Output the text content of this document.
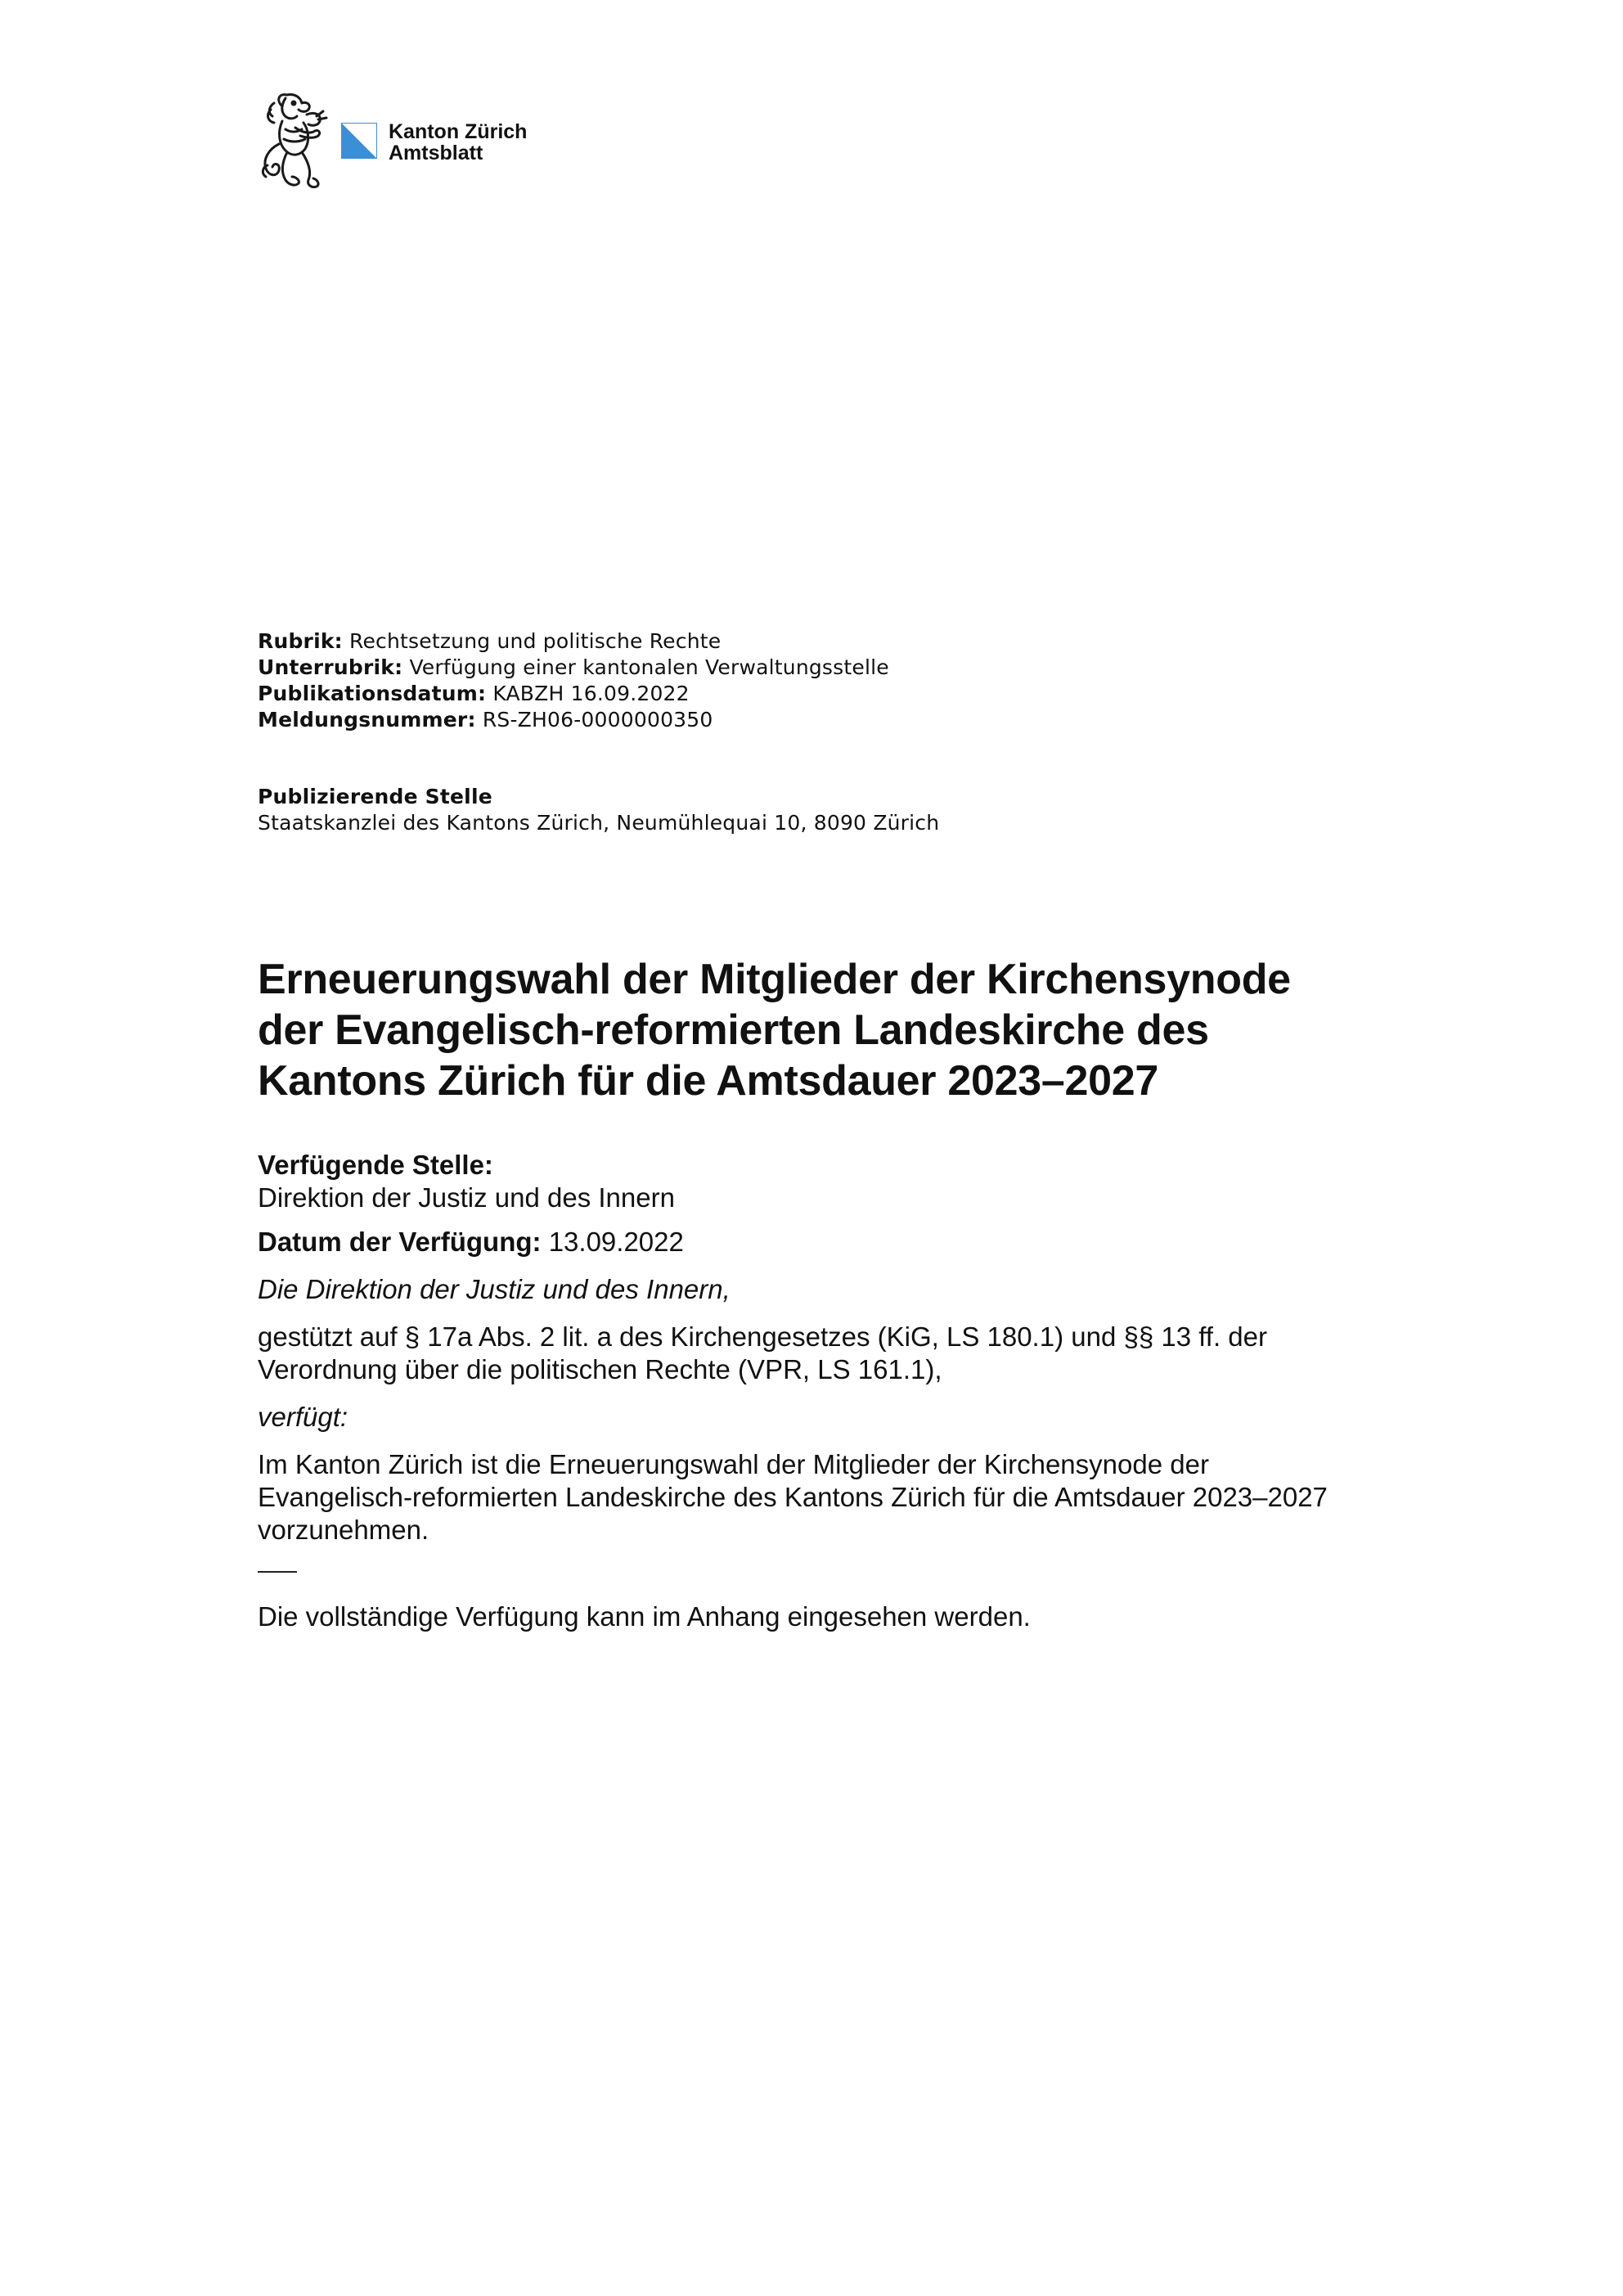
Kanton Zürich
Amtsblatt
Rubrik: Rechtsetzung und politische Rechte
Unterrubrik: Verfügung einer kantonalen Verwaltungsstelle
Publikationsdatum: KABZH 16.09.2022
Meldungsnummer: RS-ZH06-0000000350
Publizierende Stelle
Staatskanzlei des Kantons Zürich, Neumühlequai 10, 8090 Zürich
Erneuerungswahl der Mitglieder der Kirchensynode
der Evangelisch-reformierten Landeskirche des
Kantons Zürich für die Amtsdauer 2023–2027

Verfügende Stelle:

Direktion der Justiz und des Innern

Datum der Verfügung: 13.09.2022

Die Direktion der Justiz und des Innern,

gestützt auf § 17a Abs. 2 lit. a des Kirchengesetzes (KiG, LS 180.1) und §§ 13 ff. der

Verordnung über die politischen Rechte (VPR, LS 161.1),

verfügt:

Im Kanton Zürich ist die Erneuerungswahl der Mitglieder der Kirchensynode der

Evangelisch-reformierten Landeskirche des Kantons Zürich für die Amtsdauer 2023–2027

vorzunehmen.

Die vollständige Verfügung kann im Anhang eingesehen werden.
